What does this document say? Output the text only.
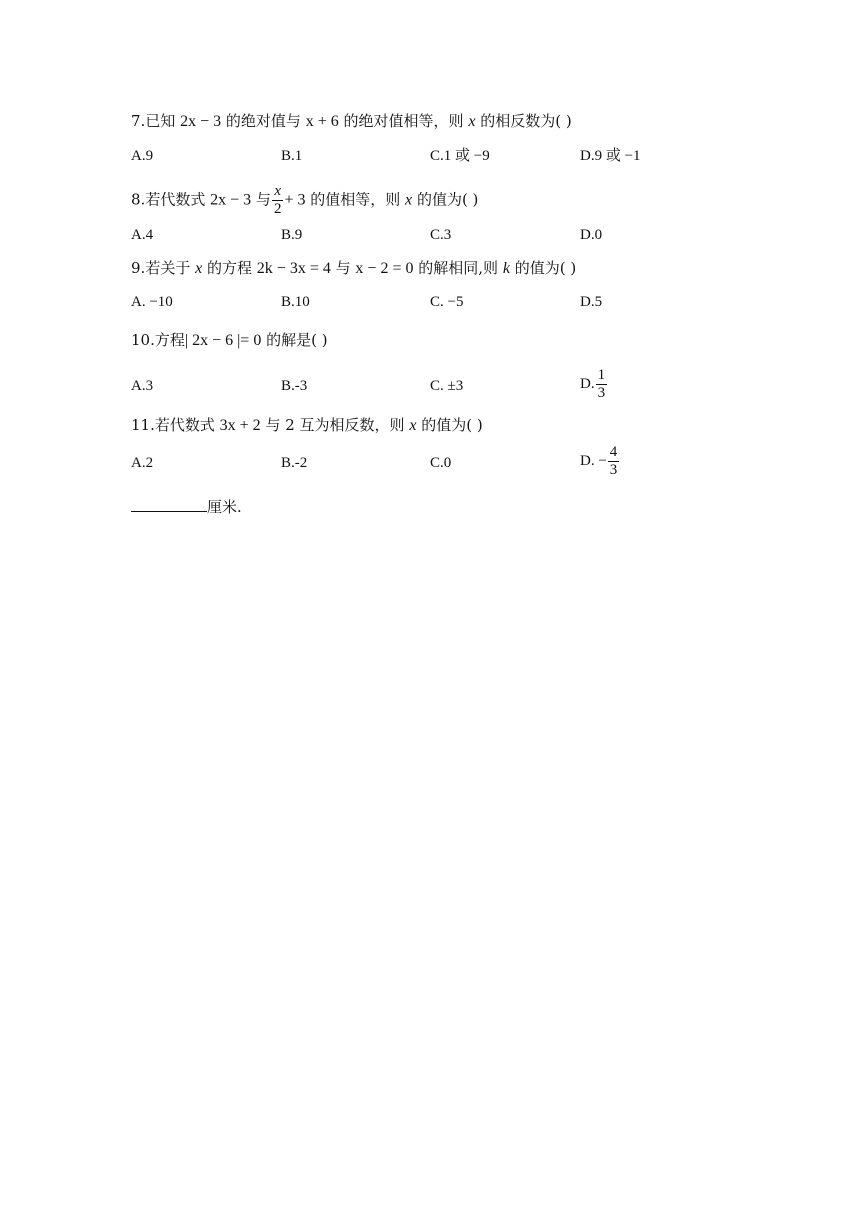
7.已知 2x − 3 的绝对值与 x + 6 的绝对值相等，则 x 的相反数为( )
A.9	B.1	C.1 或 −9	D.9 或 −1
8.若代数式 2x − 3 与 $\frac{x}{2} + 3$ 的值相等，则 x 的值为( )
A.4	B.9	C.3	D.0
9.若关于 x 的方程 2k − 3x = 4 与 x − 2 = 0 的解相同,则 k 的值为( )
A. −10	B.10	C. −5	D.5
10.方程| 2x − 6 |= 0 的解是( )
A.3	B.-3	C. ±3	D. $\frac{1}{3}$
11.若代数式 3x + 2 与 2 互为相反数，则 x 的值为( )
A.2	B.-2	C.0	D. − $\frac{4}{3}$
厘米.
